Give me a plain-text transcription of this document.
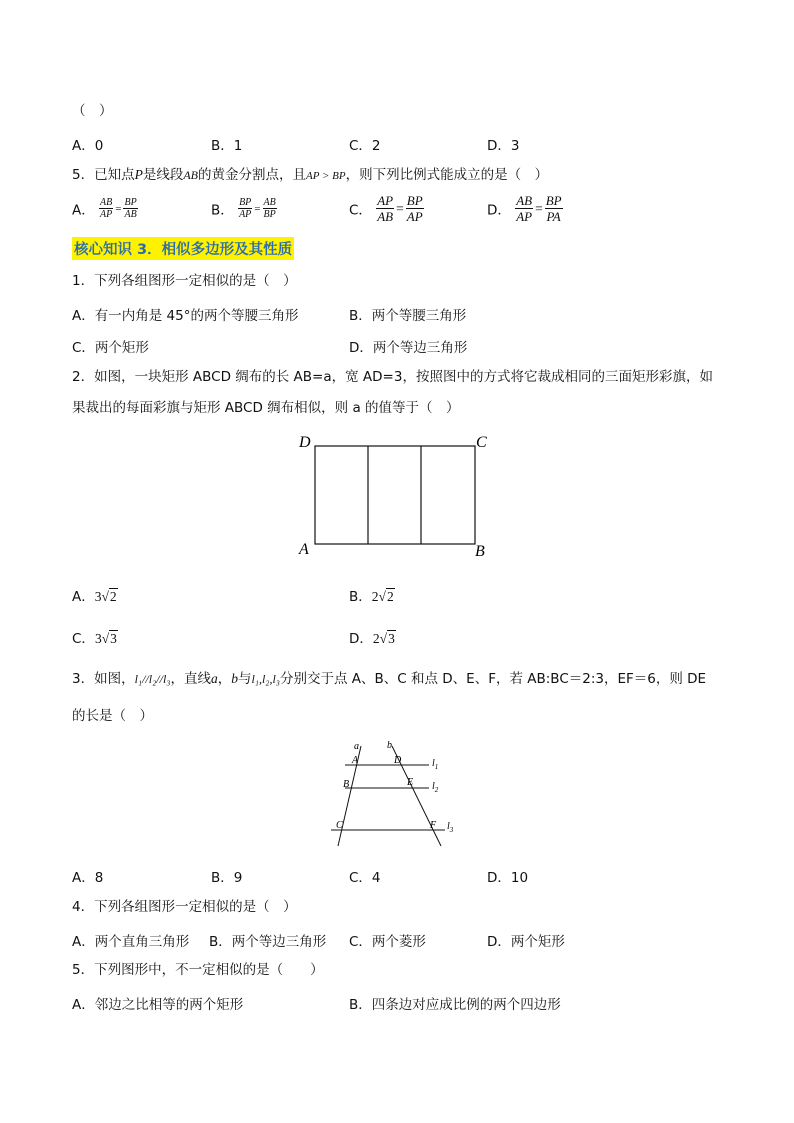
（　）
A．0	B．1	C．2	D．3
5．已知点P是线段AB的黄金分割点，且AP > BP，则下列比例式能成立的是（　）
A． $\frac{AB}{AP} = \frac{BP}{AB}$	B． $\frac{BP}{AP} = \frac{AB}{BP}$	C． $\frac{AP}{AB} = \frac{BP}{AP}$	D． $\frac{AB}{AP} = \frac{BP}{PA}$
核心知识 3．相似多边形及其性质
1．下列各组图形一定相似的是（　）
A．有一内角是 45°的两个等腰三角形	B．两个等腰三角形
C．两个矩形	D．两个等边三角形
2．如图，一块矩形 ABCD 绸布的长 AB=a，宽 AD=3，按照图中的方式将它裁成相同的三面矩形彩旗，如
果裁出的每面彩旗与矩形 ABCD 绸布相似，则 a 的值等于（　）
D	C
A	B
A．3√2	B．2√2
C．3√3	D．2√3
3．如图，l₁//l₂//l₃，直线a，b与l₁,l₂,l₃分别交于点 A、B、C 和点 D、E、F，若 AB:BC＝2:3，EF＝6，则 DE
的长是（　）
a	b
A	D	$l_1$
B	E $l_2$
C	F $l_3$
A．8	B．9	C．4	D．10
4．下列各组图形一定相似的是（　）
A．两个直角三角形 B．两个等边三角形 C．两个菱形	D．两个矩形
5．下列图形中，不一定相似的是（　　）
A．邻边之比相等的两个矩形	B．四条边对应成比例的两个四边形
